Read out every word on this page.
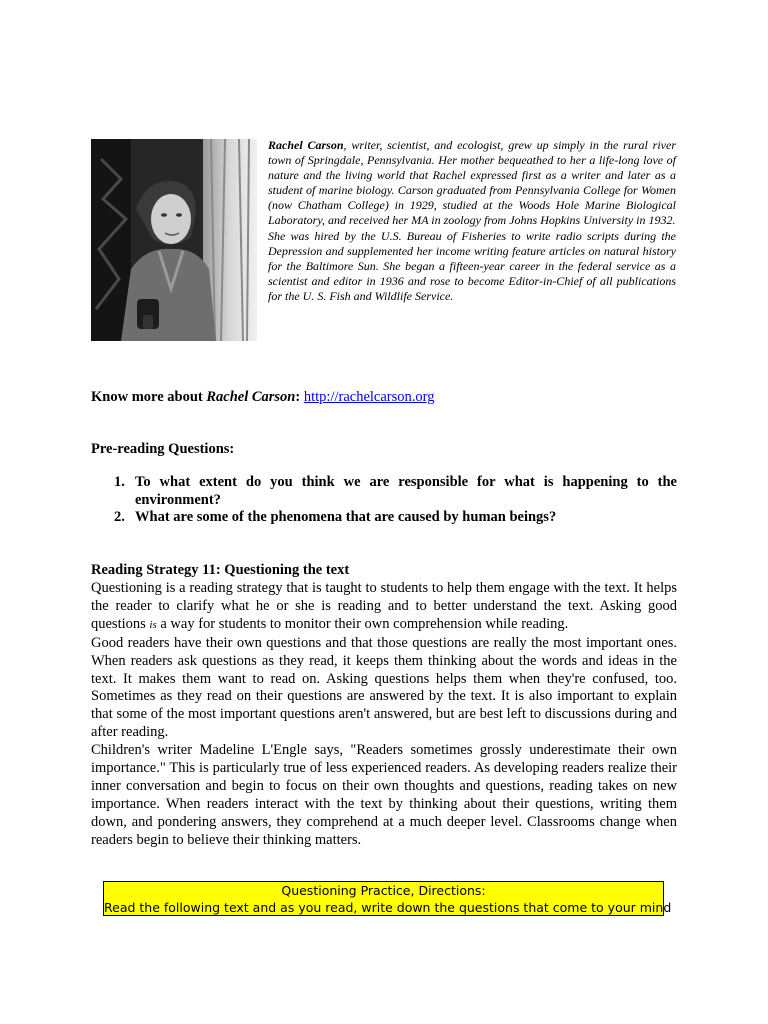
Rachel Carson, writer, scientist, and ecologist, grew up simply in the rural river town of Springdale, Pennsylvania. Her mother bequeathed to her a life-long love of nature and the living world that Rachel expressed first as a writer and later as a student of marine biology. Carson graduated from Pennsylvania College for Women (now Chatham College) in 1929, studied at the Woods Hole Marine Biological Laboratory, and received her MA in zoology from Johns Hopkins University in 1932.

She was hired by the U.S. Bureau of Fisheries to write radio scripts during the Depression and supplemented her income writing feature articles on natural history for the Baltimore Sun. She began a fifteen-year career in the federal service as a scientist and editor in 1936 and rose to become Editor-in-Chief of all publications for the U. S. Fish and Wildlife Service.

Know more about Rachel Carson: http://rachelcarson.org
Pre-reading Questions:
1. To what extent do you think we are responsible for what is happening to the environment?
2. What are some of the phenomena that are caused by human beings?
Reading Strategy 11: Questioning the text

Questioning is a reading strategy that is taught to students to help them engage with the text. It helps the reader to clarify what he or she is reading and to better understand the text. Asking good questions is a way for students to monitor their own comprehension while reading.

Good readers have their own questions and that those questions are really the most important ones. When readers ask questions as they read, it keeps them thinking about the words and ideas in the text. It makes them want to read on. Asking questions helps them when they're confused, too. Sometimes as they read on their questions are answered by the text. It is also important to explain that some of the most important questions aren't answered, but are best left to discussions during and after reading.

Children's writer Madeline L'Engle says, "Readers sometimes grossly underestimate their own importance." This is particularly true of less experienced readers. As developing readers realize their inner conversation and begin to focus on their own thoughts and questions, reading takes on new importance. When readers interact with the text by thinking about their questions, writing them down, and pondering answers, they comprehend at a much deeper level. Classrooms change when readers begin to believe their thinking matters.

Questioning Practice, Directions:
Read the following text and as you read, write down the questions that come to your mind
